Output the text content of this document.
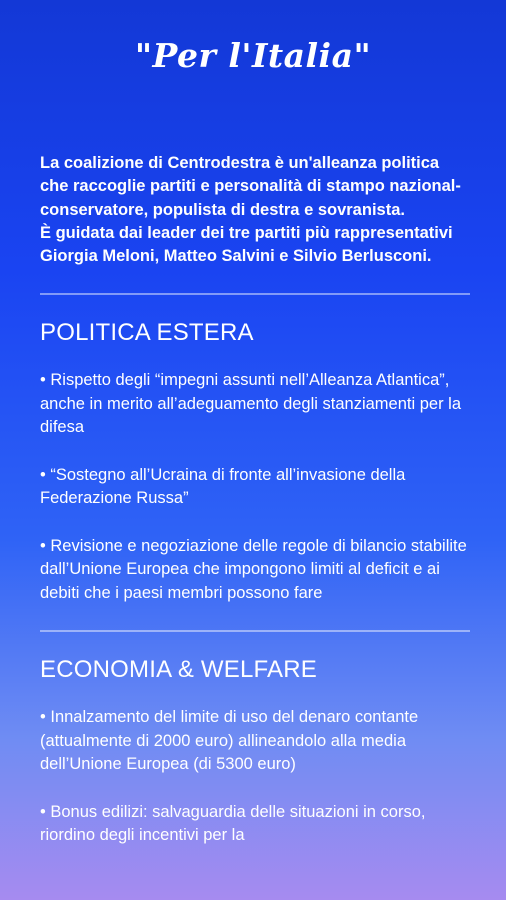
"Per l'Italia"

La coalizione di Centrodestra è un'alleanza politica che raccoglie partiti e personalità di stampo nazional-conservatore, populista di destra e sovranista.

È guidata dai leader dei tre partiti più rappresentativi Giorgia Meloni, Matteo Salvini e Silvio Berlusconi.

POLITICA ESTERA

• Rispetto degli “impegni assunti nell’Alleanza Atlantica”, anche in merito all’adeguamento degli stanziamenti per la difesa

• “Sostegno all’Ucraina di fronte all’invasione della Federazione Russa”

• Revisione e negoziazione delle regole di bilancio stabilite dall’Unione Europea che impongono limiti al deficit e ai debiti che i paesi membri possono fare

ECONOMIA & WELFARE

• Innalzamento del limite di uso del denaro contante (attualmente di 2000 euro) allineandolo alla media dell’Unione Europea (di 5300 euro)

• Bonus edilizi: salvaguardia delle situazioni in corso, riordino degli incentivi per la
